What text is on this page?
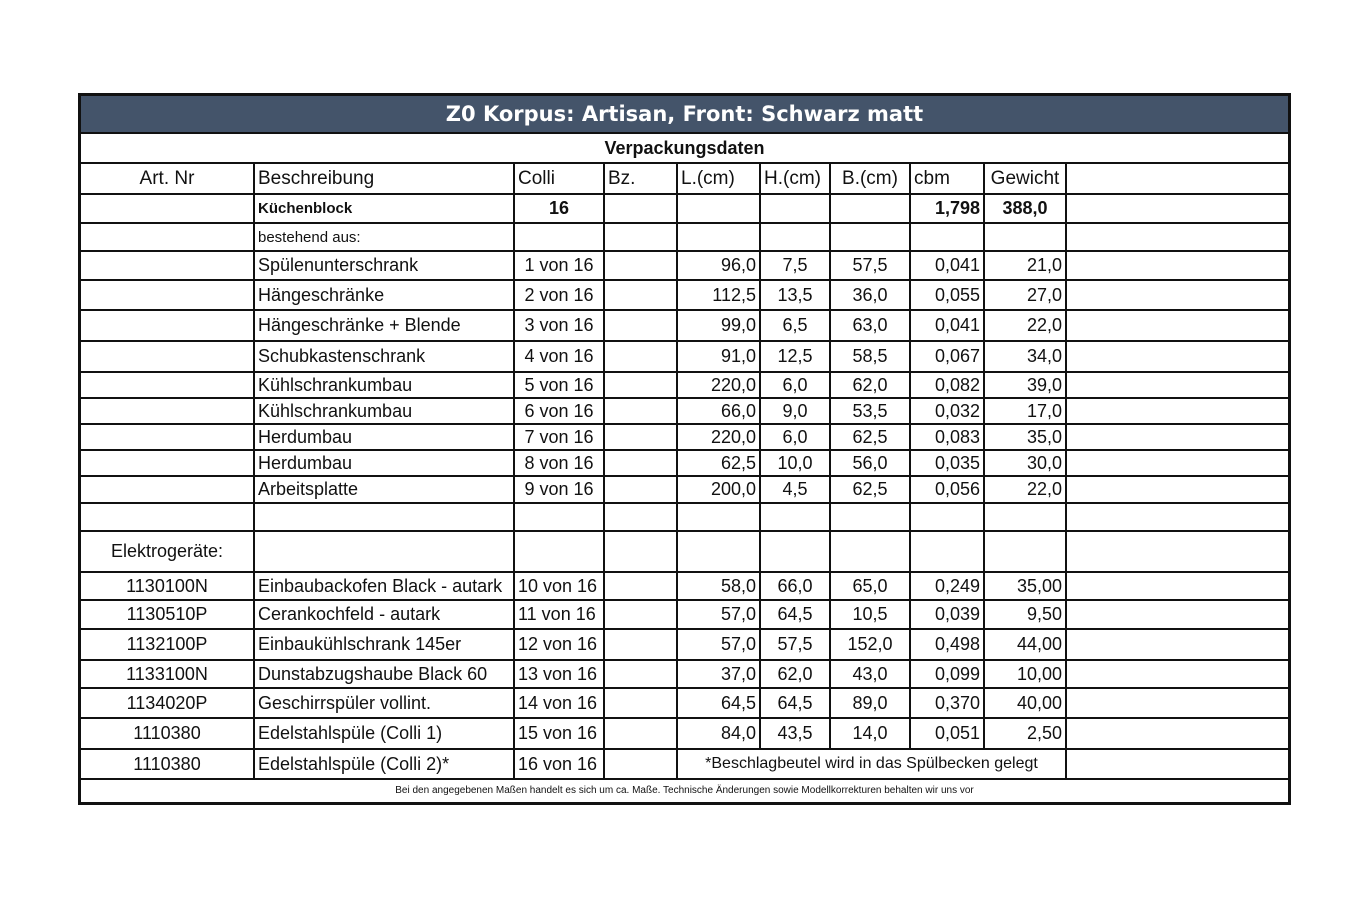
Z0 Korpus: Artisan, Front: Schwarz matt
Verpackungsdaten
Art. Nr	Beschreibung	Colli	Bz.	L.(cm)	H.(cm)	B.(cm)	cbm	Gewicht	
	Küchenblock	16					1,798	388,0	
	bestehend aus:								
	Spülenunterschrank	1 von 16		96,0	7,5	57,5	0,041	21,0	
	Hängeschränke	2 von 16		112,5	13,5	36,0	0,055	27,0	
	Hängeschränke + Blende	3 von 16		99,0	6,5	63,0	0,041	22,0	
	Schubkastenschrank	4 von 16		91,0	12,5	58,5	0,067	34,0	
	Kühlschrankumbau	5 von 16		220,0	6,0	62,0	0,082	39,0	
	Kühlschrankumbau	6 von 16		66,0	9,0	53,5	0,032	17,0	
	Herdumbau	7 von 16		220,0	6,0	62,5	0,083	35,0	
	Herdumbau	8 von 16		62,5	10,0	56,0	0,035	30,0	
	Arbeitsplatte	9 von 16		200,0	4,5	62,5	0,056	22,0	

Elektrogeräte:									
1130100N	Einbaubackofen Black - autark	10 von 16		58,0	66,0	65,0	0,249	35,00	
1130510P	Cerankochfeld - autark	11 von 16		57,0	64,5	10,5	0,039	9,50	
1132100P	Einbaukühlschrank 145er	12 von 16		57,0	57,5	152,0	0,498	44,00	
1133100N	Dunstabzugshaube Black 60	13 von 16		37,0	62,0	43,0	0,099	10,00	
1134020P	Geschirrspüler vollint.	14 von 16		64,5	64,5	89,0	0,370	40,00	
1110380	Edelstahlspüle (Colli 1)	15 von 16		84,0	43,5	14,0	0,051	2,50	
1110380	Edelstahlspüle (Colli 2)*	16 von 16		*Beschlagbeutel wird in das Spülbecken gelegt					
Bei den angegebenen Maßen handelt es sich um ca. Maße. Technische Änderungen sowie Modellkorrekturen behalten wir uns vor
